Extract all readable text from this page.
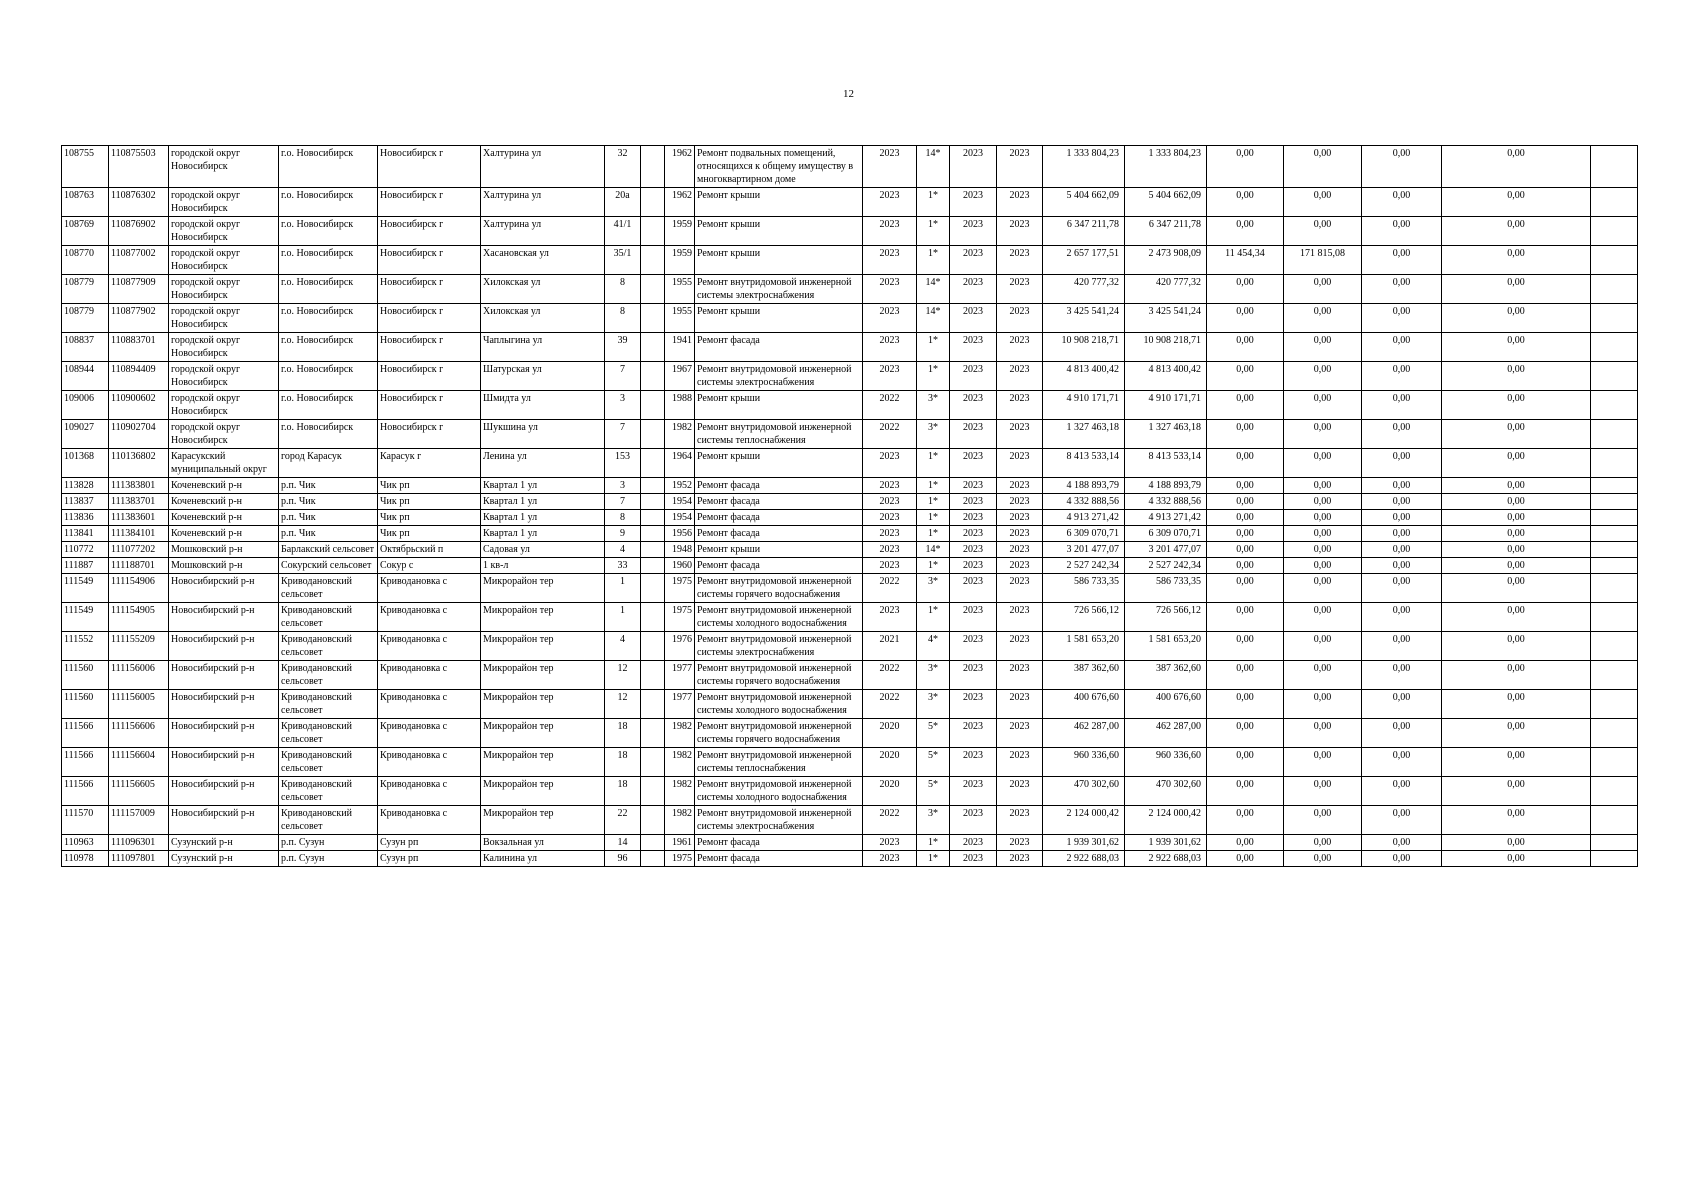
12
108755	110875503	городской округ Новосибирск	г.о. Новосибирск	Новосибирск г	Халтурина ул	32		1962	Ремонт подвальных помещений, относящихся к общему имуществу в многоквартирном доме	2023	14*	2023	2023	1 333 804,23	1 333 804,23	0,00	0,00	0,00	0,00	
108763	110876302	городской округ Новосибирск	г.о. Новосибирск	Новосибирск г	Халтурина ул	20а		1962	Ремонт крыши	2023	1*	2023	2023	5 404 662,09	5 404 662,09	0,00	0,00	0,00	0,00	
108769	110876902	городской округ Новосибирск	г.о. Новосибирск	Новосибирск г	Халтурина ул	41/1		1959	Ремонт крыши	2023	1*	2023	2023	6 347 211,78	6 347 211,78	0,00	0,00	0,00	0,00	
108770	110877002	городской округ Новосибирск	г.о. Новосибирск	Новосибирск г	Хасановская ул	35/1		1959	Ремонт крыши	2023	1*	2023	2023	2 657 177,51	2 473 908,09	11 454,34	171 815,08	0,00	0,00	
108779	110877909	городской округ Новосибирск	г.о. Новосибирск	Новосибирск г	Хилокская ул	8		1955	Ремонт внутридомовой инженерной системы электроснабжения	2023	14*	2023	2023	420 777,32	420 777,32	0,00	0,00	0,00	0,00	
108779	110877902	городской округ Новосибирск	г.о. Новосибирск	Новосибирск г	Хилокская ул	8		1955	Ремонт крыши	2023	14*	2023	2023	3 425 541,24	3 425 541,24	0,00	0,00	0,00	0,00	
108837	110883701	городской округ Новосибирск	г.о. Новосибирск	Новосибирск г	Чаплыгина ул	39		1941	Ремонт фасада	2023	1*	2023	2023	10 908 218,71	10 908 218,71	0,00	0,00	0,00	0,00	
108944	110894409	городской округ Новосибирск	г.о. Новосибирск	Новосибирск г	Шатурская ул	7		1967	Ремонт внутридомовой инженерной системы электроснабжения	2023	1*	2023	2023	4 813 400,42	4 813 400,42	0,00	0,00	0,00	0,00	
109006	110900602	городской округ Новосибирск	г.о. Новосибирск	Новосибирск г	Шмидта ул	3		1988	Ремонт крыши	2022	3*	2023	2023	4 910 171,71	4 910 171,71	0,00	0,00	0,00	0,00	
109027	110902704	городской округ Новосибирск	г.о. Новосибирск	Новосибирск г	Шукшина ул	7		1982	Ремонт внутридомовой инженерной системы теплоснабжения	2022	3*	2023	2023	1 327 463,18	1 327 463,18	0,00	0,00	0,00	0,00	
101368	110136802	Карасукский муниципальный округ	город Карасук	Карасук г	Ленина ул	153		1964	Ремонт крыши	2023	1*	2023	2023	8 413 533,14	8 413 533,14	0,00	0,00	0,00	0,00	
113828	111383801	Коченевский р-н	р.п. Чик	Чик рп	Квартал 1 ул	3		1952	Ремонт фасада	2023	1*	2023	2023	4 188 893,79	4 188 893,79	0,00	0,00	0,00	0,00	
113837	111383701	Коченевский р-н	р.п. Чик	Чик рп	Квартал 1 ул	7		1954	Ремонт фасада	2023	1*	2023	2023	4 332 888,56	4 332 888,56	0,00	0,00	0,00	0,00	
113836	111383601	Коченевский р-н	р.п. Чик	Чик рп	Квартал 1 ул	8		1954	Ремонт фасада	2023	1*	2023	2023	4 913 271,42	4 913 271,42	0,00	0,00	0,00	0,00	
113841	111384101	Коченевский р-н	р.п. Чик	Чик рп	Квартал 1 ул	9		1956	Ремонт фасада	2023	1*	2023	2023	6 309 070,71	6 309 070,71	0,00	0,00	0,00	0,00	
110772	111077202	Мошковский р-н	Барлакский сельсовет	Октябрьский п	Садовая ул	4		1948	Ремонт крыши	2023	14*	2023	2023	3 201 477,07	3 201 477,07	0,00	0,00	0,00	0,00	
111887	111188701	Мошковский р-н	Сокурский сельсовет	Сокур с	1 кв-л	33		1960	Ремонт фасада	2023	1*	2023	2023	2 527 242,34	2 527 242,34	0,00	0,00	0,00	0,00	
111549	111154906	Новосибирский р-н	Криводановский сельсовет	Криводановка с	Микрорайон тер	1		1975	Ремонт внутридомовой инженерной системы горячего водоснабжения	2022	3*	2023	2023	586 733,35	586 733,35	0,00	0,00	0,00	0,00	
111549	111154905	Новосибирский р-н	Криводановский сельсовет	Криводановка с	Микрорайон тер	1		1975	Ремонт внутридомовой инженерной системы холодного водоснабжения	2023	1*	2023	2023	726 566,12	726 566,12	0,00	0,00	0,00	0,00	
111552	111155209	Новосибирский р-н	Криводановский сельсовет	Криводановка с	Микрорайон тер	4		1976	Ремонт внутридомовой инженерной системы электроснабжения	2021	4*	2023	2023	1 581 653,20	1 581 653,20	0,00	0,00	0,00	0,00	
111560	111156006	Новосибирский р-н	Криводановский сельсовет	Криводановка с	Микрорайон тер	12		1977	Ремонт внутридомовой инженерной системы горячего водоснабжения	2022	3*	2023	2023	387 362,60	387 362,60	0,00	0,00	0,00	0,00	
111560	111156005	Новосибирский р-н	Криводановский сельсовет	Криводановка с	Микрорайон тер	12		1977	Ремонт внутридомовой инженерной системы холодного водоснабжения	2022	3*	2023	2023	400 676,60	400 676,60	0,00	0,00	0,00	0,00	
111566	111156606	Новосибирский р-н	Криводановский сельсовет	Криводановка с	Микрорайон тер	18		1982	Ремонт внутридомовой инженерной системы горячего водоснабжения	2020	5*	2023	2023	462 287,00	462 287,00	0,00	0,00	0,00	0,00	
111566	111156604	Новосибирский р-н	Криводановский сельсовет	Криводановка с	Микрорайон тер	18		1982	Ремонт внутридомовой инженерной системы теплоснабжения	2020	5*	2023	2023	960 336,60	960 336,60	0,00	0,00	0,00	0,00	
111566	111156605	Новосибирский р-н	Криводановский сельсовет	Криводановка с	Микрорайон тер	18		1982	Ремонт внутридомовой инженерной системы холодного водоснабжения	2020	5*	2023	2023	470 302,60	470 302,60	0,00	0,00	0,00	0,00	
111570	111157009	Новосибирский р-н	Криводановский сельсовет	Криводановка с	Микрорайон тер	22		1982	Ремонт внутридомовой инженерной системы электроснабжения	2022	3*	2023	2023	2 124 000,42	2 124 000,42	0,00	0,00	0,00	0,00	
110963	111096301	Сузунский р-н	р.п. Сузун	Сузун рп	Вокзальная ул	14		1961	Ремонт фасада	2023	1*	2023	2023	1 939 301,62	1 939 301,62	0,00	0,00	0,00	0,00	
110978	111097801	Сузунский р-н	р.п. Сузун	Сузун рп	Калинина ул	96		1975	Ремонт фасада	2023	1*	2023	2023	2 922 688,03	2 922 688,03	0,00	0,00	0,00	0,00	
